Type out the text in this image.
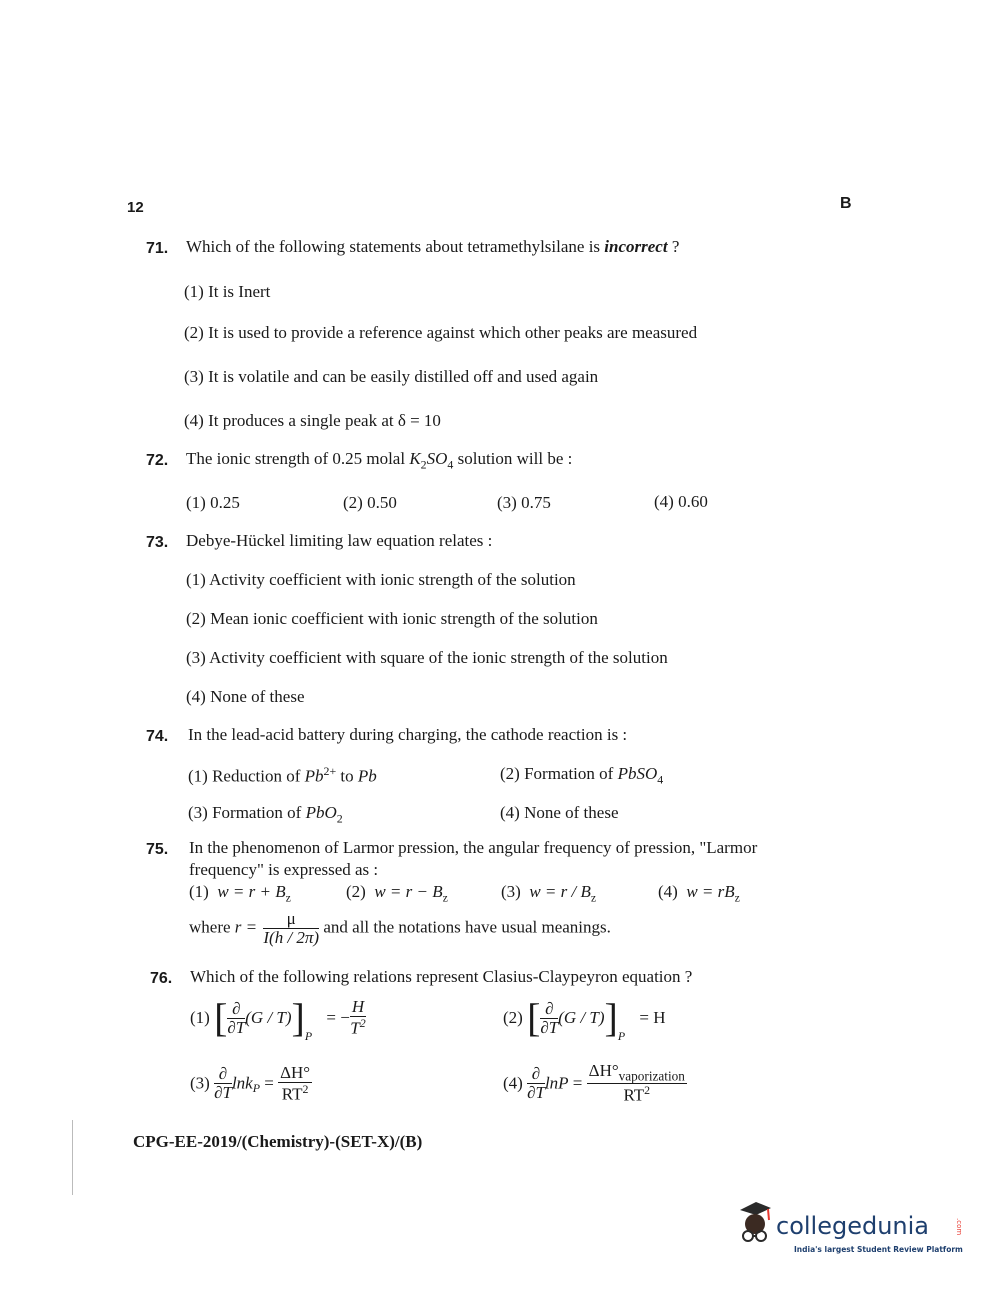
12	B
71. Which of the following statements about tetramethylsilane is incorrect ?
(1) It is Inert
(2) It is used to provide a reference against which other peaks are measured
(3) It is volatile and can be easily distilled off and used again
(4) It produces a single peak at δ = 10
72. The ionic strength of 0.25 molal $K_2SO_4$ solution will be :
(1) 0.25	(2) 0.50	(3) 0.75	(4) 0.60
73. Debye-Hückel limiting law equation relates :
(1) Activity coefficient with ionic strength of the solution
(2) Mean ionic coefficient with ionic strength of the solution
(3) Activity coefficient with square of the ionic strength of the solution
(4) None of these
74. In the lead-acid battery during charging, the cathode reaction is :
(1) Reduction of $Pb^{2+}$ to Pb	(2) Formation of PbSO$_4$
(3) Formation of PbO$_2$	(4) None of these
75. In the phenomenon of Larmor pression, the angular frequency of pression, "Larmor
frequency" is expressed as :
(1) $w = r + B_z$	(2) $w = r - B_z$	(3) $w = r / B_z$	(4) $w = rB_z$
where $r = \frac{\mu}{I(h / 2\pi)}$ and all the notations have usual meanings.
76. Which of the following relations represent Clasius-Claypeyron equation ?
(1) [ $\frac{\partial}{\partial T} (G / T)]_P$ = − $\frac{H}{T^2}$	(2) [ $\frac{\partial}{\partial T} (G / T)]_P = H$
$(3) \frac{\partial}{\partial T} \ln k_P = \frac{\Delta H^\circ}{RT^2}$	$(4) \frac{\partial}{\partial T}$ $\ln P = \frac{\Delta H^\circ_{vaporization}}{RT^2}$
CPG-EE-2019/(Chemistry)-(SET-X)/(B)
collegedunia	.com
India's largest Student Review Platform
